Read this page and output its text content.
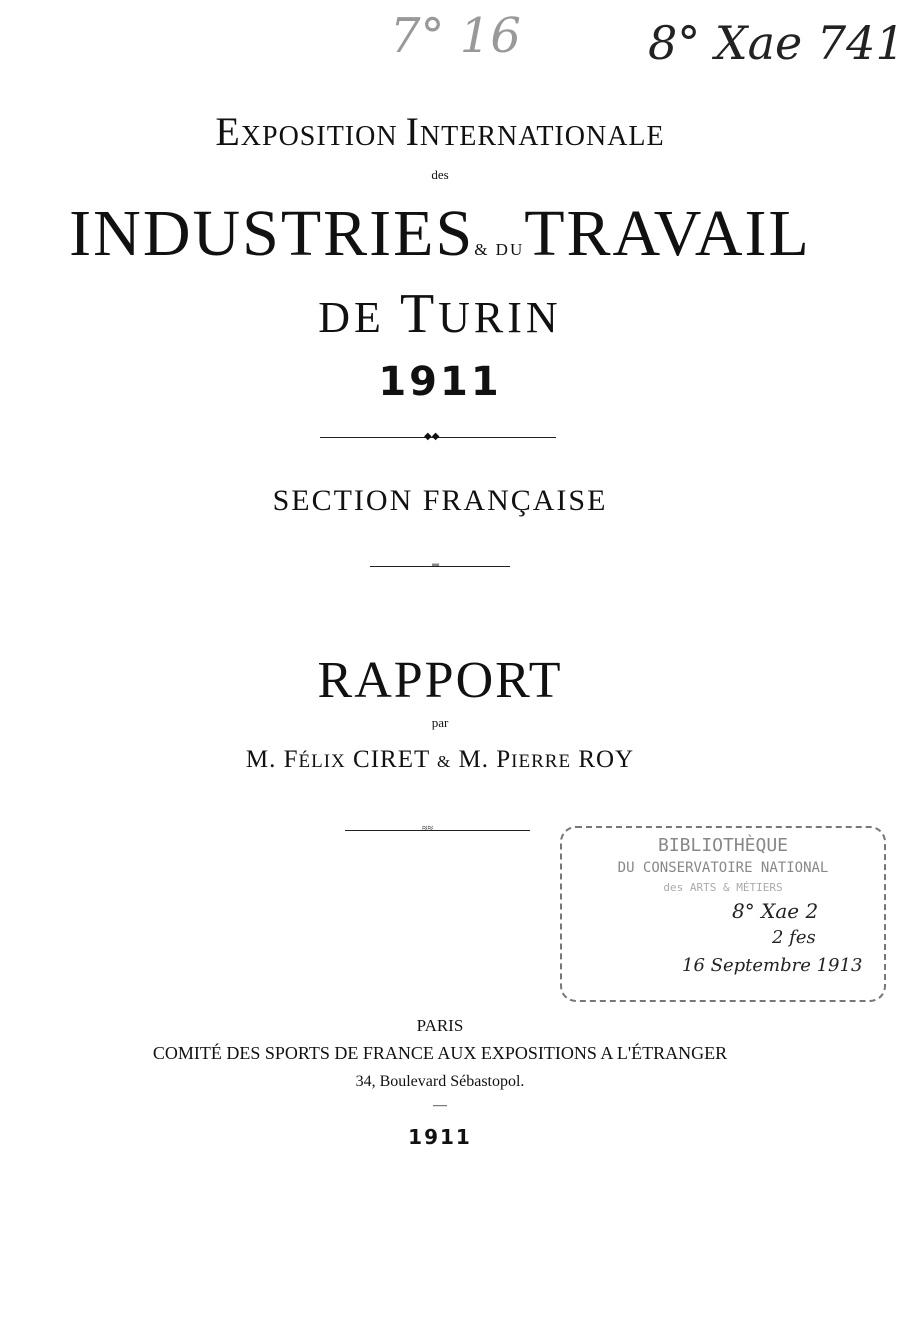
7° 16	8° Xae 741
EXPOSITION INTERNATIONALE
des
INDUSTRIES& DUTRAVAIL
DE TURIN
1911
◆◆
SECTION FRANÇAISE
═
RAPPORT
par
M. FÉLIX CIRET & M. PIERRE ROY
≈≈
BIBLIOTHÈQUE
DU CONSERVATOIRE NATIONAL
des ARTS & MÉTIERS
8° Xae 2
2 fes
16 Septembre 1913
PARIS
COMITÉ DES SPORTS DE FRANCE AUX EXPOSITIONS A L'ÉTRANGER
34, Boulevard Sébastopol.
—
1911
